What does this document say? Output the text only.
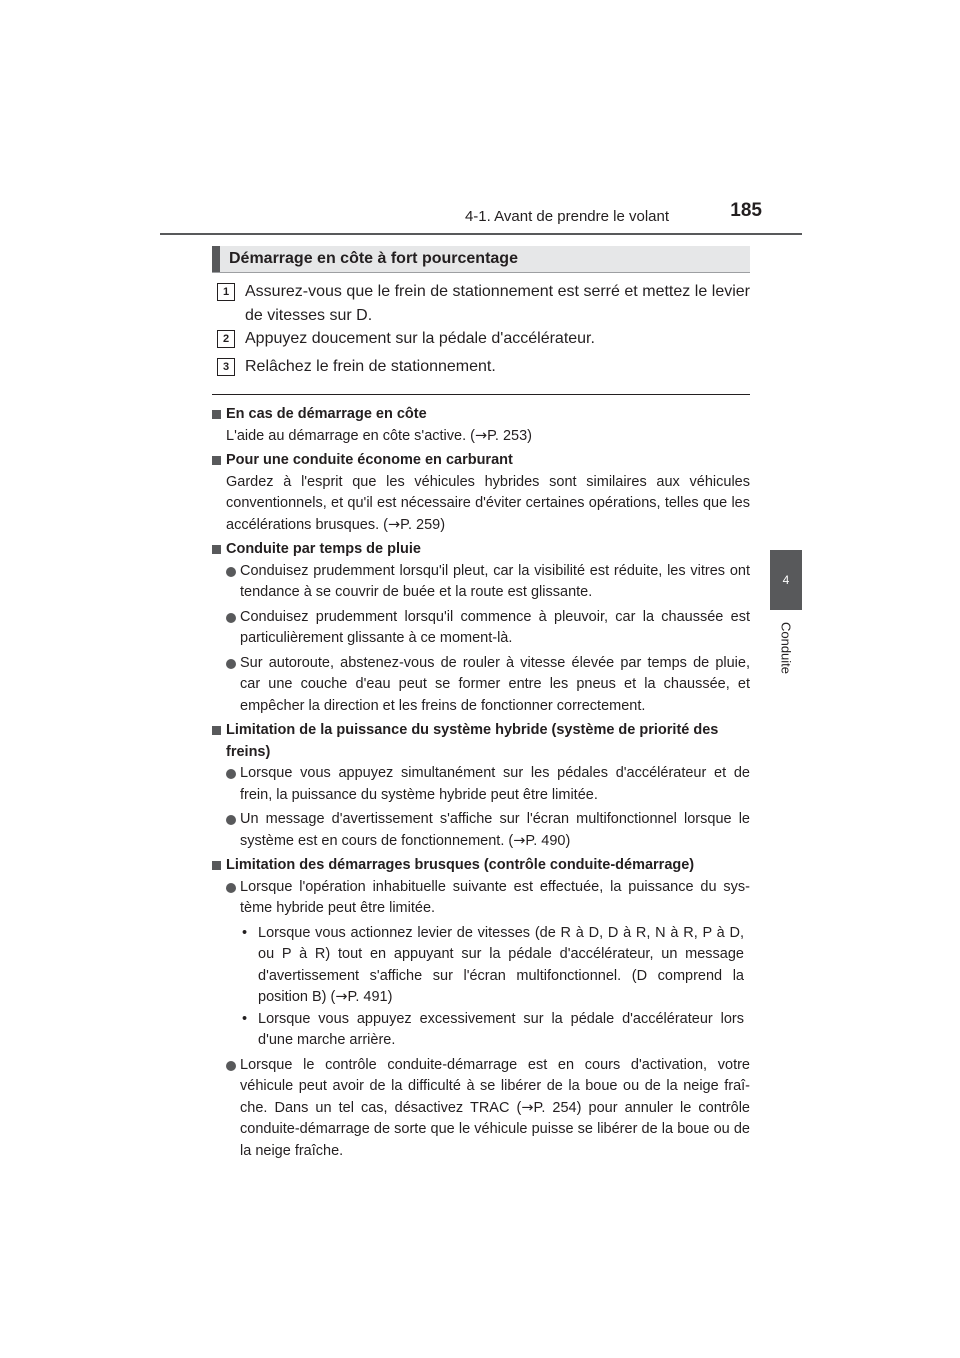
4-1. Avant de prendre le volant	185
4
Conduite
Démarrage en côte à fort pourcentage
1 Assurez-vous que le frein de stationnement est serré et mettez le levier de vitesses sur D.
2 Appuyez doucement sur la pédale d'accélérateur.
3 Relâchez le frein de stationnement.
En cas de démarrage en côte
L'aide au démarrage en côte s'active. (→P. 253)
Pour une conduite économe en carburant
Gardez à l'esprit que les véhicules hybrides sont similaires aux véhicules conventionnels, et qu'il est nécessaire d'éviter certaines opérations, telles que les accélérations brusques. (→P. 259)
Conduite par temps de pluie
Conduisez prudemment lorsqu'il pleut, car la visibilité est réduite, les vitres ont tendance à se couvrir de buée et la route est glissante.
Conduisez prudemment lorsqu'il commence à pleuvoir, car la chaussée est particulièrement glissante à ce moment-là.
Sur autoroute, abstenez-vous de rouler à vitesse élevée par temps de pluie, car une couche d'eau peut se former entre les pneus et la chaussée, et empêcher la direction et les freins de fonctionner correctement.
Limitation de la puissance du système hybride (système de priorité des freins)
Lorsque vous appuyez simultanément sur les pédales d'accélérateur et de frein, la puissance du système hybride peut être limitée.
Un message d'avertissement s'affiche sur l'écran multifonctionnel lorsque le système est en cours de fonctionnement. (→P. 490)
Limitation des démarrages brusques (contrôle conduite-démarrage)
Lorsque l'opération inhabituelle suivante est effectuée, la puissance du sys-tème hybride peut être limitée.
• Lorsque vous actionnez levier de vitesses (de R à D, D à R, N à R, P à D, ou P à R) tout en appuyant sur la pédale d'accélérateur, un message d'avertissement s'affiche sur l'écran multifonctionnel. (D comprend la position B) (→P. 491)
• Lorsque vous appuyez excessivement sur la pédale d'accélérateur lors d'une marche arrière.
Lorsque le contrôle conduite-démarrage est en cours d'activation, votre véhicule peut avoir de la difficulté à se libérer de la boue ou de la neige fraî-che. Dans un tel cas, désactivez TRAC (→P. 254) pour annuler le contrôle conduite-démarrage de sorte que le véhicule puisse se libérer de la boue ou de la neige fraîche.
